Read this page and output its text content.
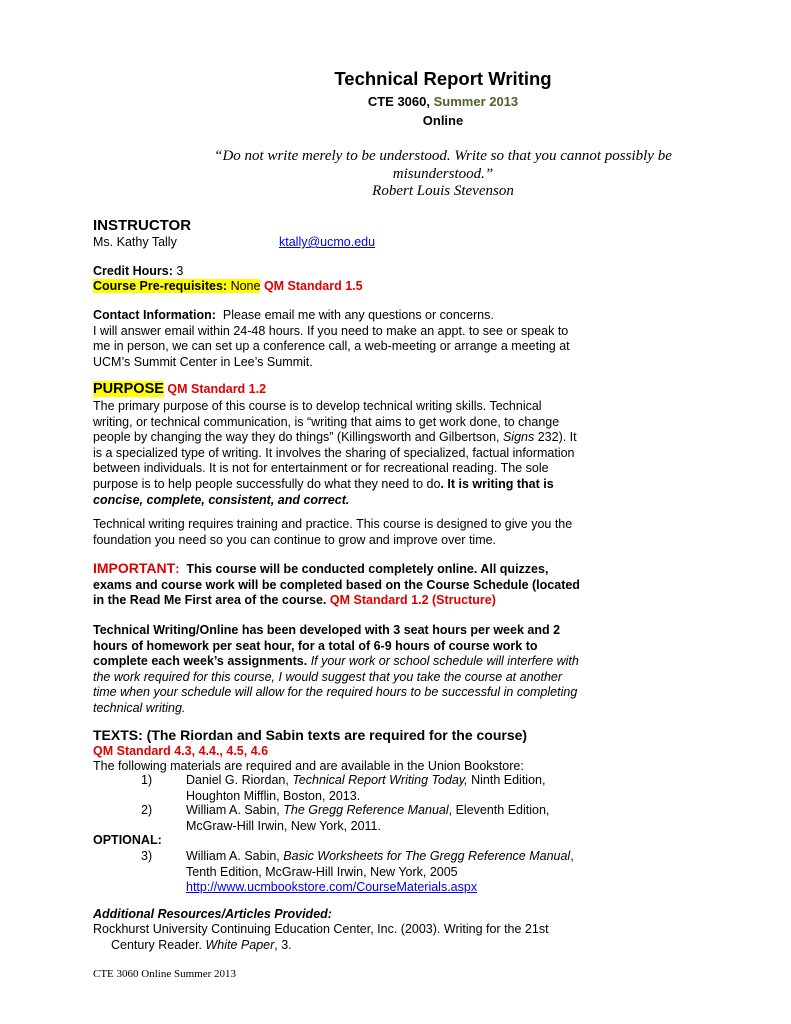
Technical Report Writing
CTE 3060, Summer 2013
Online
“Do not write merely to be understood. Write so that you cannot possibly be
misunderstood.”
Robert Louis Stevenson
INSTRUCTOR
Ms. Kathy Tally	ktally@ucmo.edu
Credit Hours: 3
Course Pre-requisites: None QM Standard 1.5
Contact Information: Please email me with any questions or concerns.
I will answer email within 24-48 hours. If you need to make an appt. to see or speak to
me in person, we can set up a conference call, a web-meeting or arrange a meeting at
UCM’s Summit Center in Lee’s Summit.
PURPOSE QM Standard 1.2
The primary purpose of this course is to develop technical writing skills. Technical
writing, or technical communication, is “writing that aims to get work done, to change
people by changing the way they do things” (Killingsworth and Gilbertson, Signs 232). It
is a specialized type of writing. It involves the sharing of specialized, factual information
between individuals. It is not for entertainment or for recreational reading. The sole
purpose is to help people successfully do what they need to do. It is writing that is
concise, complete, consistent, and correct.
Technical writing requires training and practice. This course is designed to give you the
foundation you need so you can continue to grow and improve over time.
IMPORTANT: This course will be conducted completely online. All quizzes,
exams and course work will be completed based on the Course Schedule (located
in the Read Me First area of the course. QM Standard 1.2 (Structure)
Technical Writing/Online has been developed with 3 seat hours per week and 2
hours of homework per seat hour, for a total of 6-9 hours of course work to
complete each week’s assignments. If your work or school schedule will interfere with
the work required for this course, I would suggest that you take the course at another
time when your schedule will allow for the required hours to be successful in completing
technical writing.
TEXTS: (The Riordan and Sabin texts are required for the course)
QM Standard 4.3, 4.4., 4.5, 4.6
The following materials are required and are available in the Union Bookstore:
1)	Daniel G. Riordan, Technical Report Writing Today, Ninth Edition,
Houghton Mifflin, Boston, 2013.
2)	William A. Sabin, The Gregg Reference Manual, Eleventh Edition,
McGraw-Hill Irwin, New York, 2011.
OPTIONAL:
3)	William A. Sabin, Basic Worksheets for The Gregg Reference Manual,
Tenth Edition, McGraw-Hill Irwin, New York, 2005
http://www.ucmbookstore.com/CourseMaterials.aspx
Additional Resources/Articles Provided:
Rockhurst University Continuing Education Center, Inc. (2003). Writing for the 21st
Century Reader. White Paper, 3.
CTE 3060 Online Summer 2013
